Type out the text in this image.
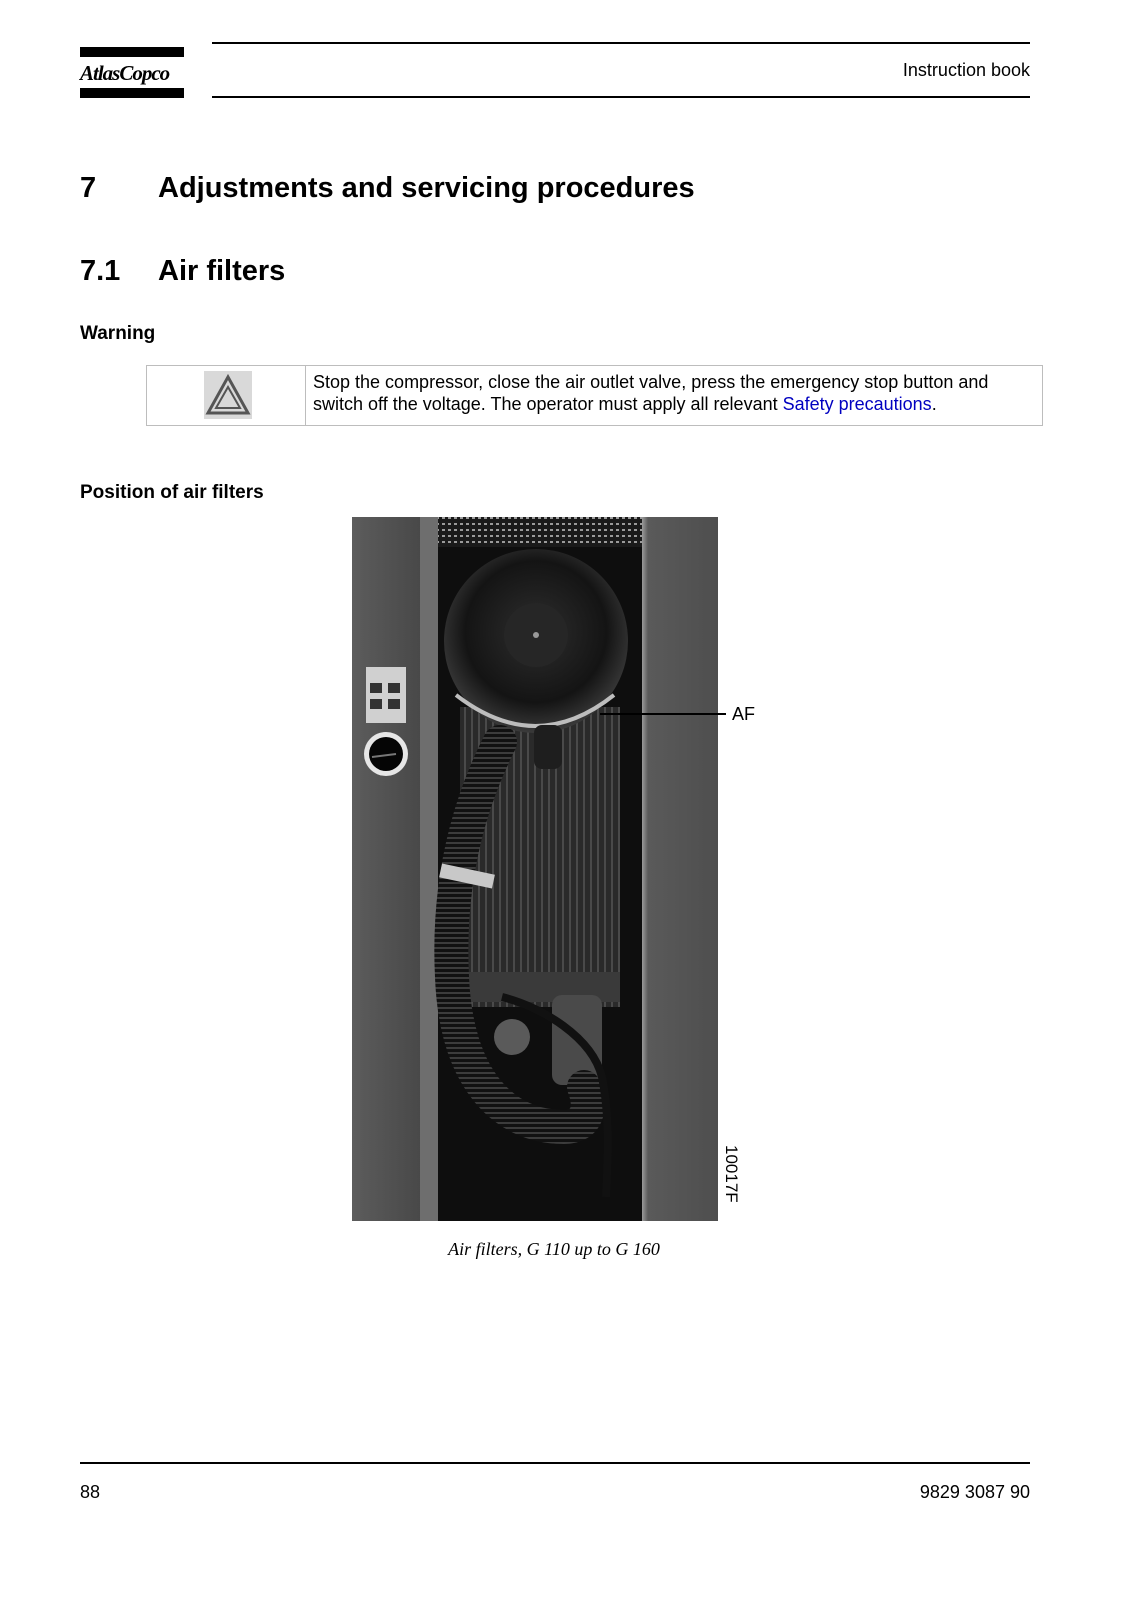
AtlasCopco	Instruction book
7 Adjustments and servicing procedures
7.1 Air filters
Warning
Stop the compressor, close the air outlet valve, press the emergency stop button and switch off the voltage. The operator must apply all relevant Safety precautions.
Position of air filters
AF
10017F
Air filters, G 110 up to G 160
88	9829 3087 90
